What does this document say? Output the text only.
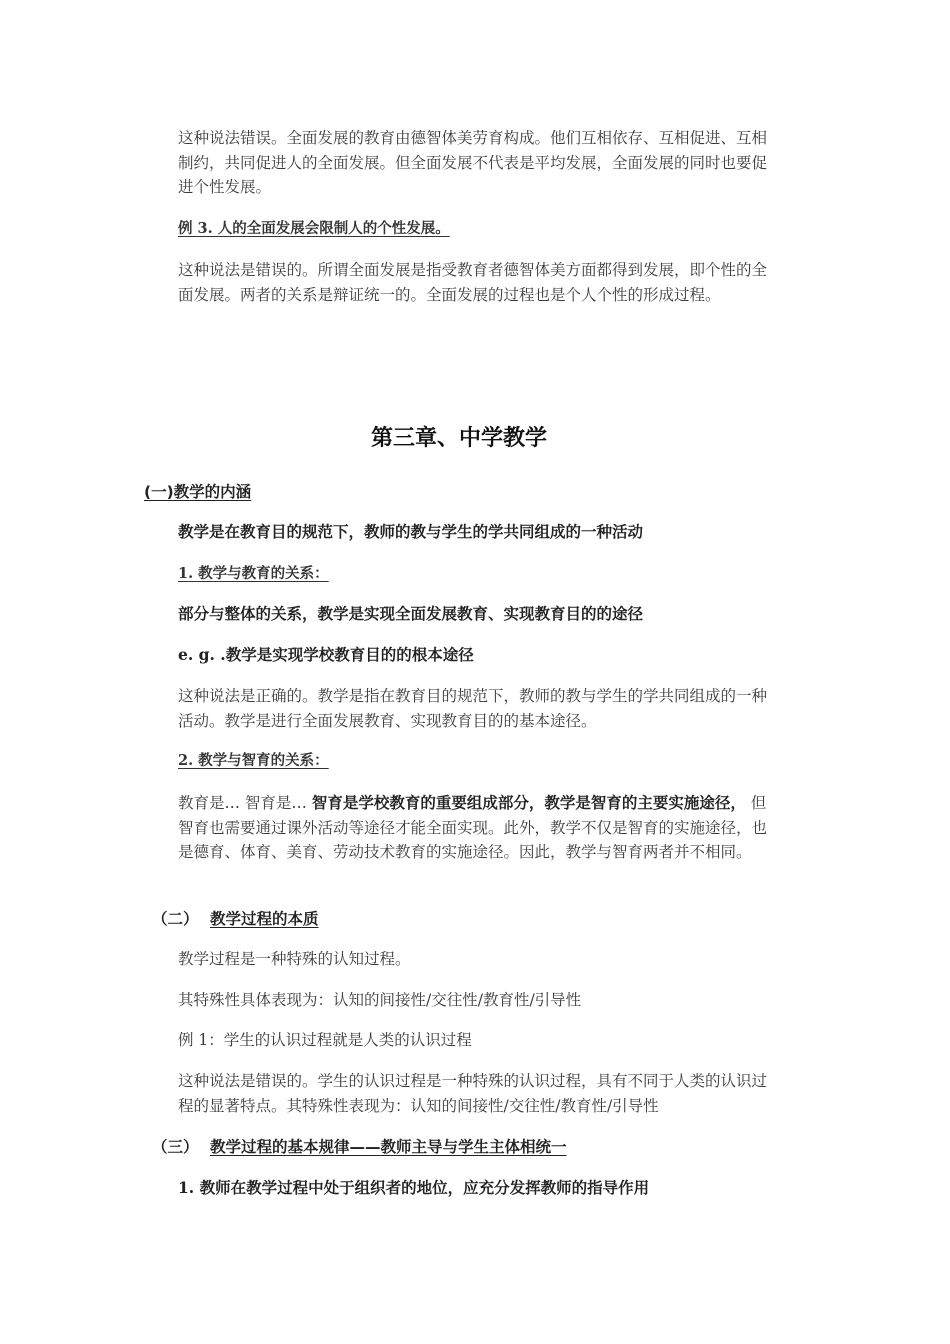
这种说法错误。全面发展的教育由德智体美劳育构成。他们互相依存、互相促进、互相制约，共同促进人的全面发展。但全面发展不代表是平均发展，全面发展的同时也要促进个性发展。

例 3. 人的全面发展会限制人的个性发展。

这种说法是错误的。所谓全面发展是指受教育者德智体美方面都得到发展，即个性的全面发展。两者的关系是辩证统一的。全面发展的过程也是个人个性的形成过程。

第三章、中学教学
(一)教学的内涵

教学是在教育目的规范下，教师的教与学生的学共同组成的一种活动

1. 教学与教育的关系：

部分与整体的关系，教学是实现全面发展教育、实现教育目的的途径

e. g. .教学是实现学校教育目的的根本途径

这种说法是正确的。教学是指在教育目的规范下，教师的教与学生的学共同组成的一种活动。教学是进行全面发展教育、实现教育目的的基本途径。

2. 教学与智育的关系：

教育是… 智育是… 智育是学校教育的重要组成部分，教学是智育的主要实施途径， 但智育也需要通过课外活动等途径才能全面实现。此外，教学不仅是智育的实施途径，也是德育、体育、美育、劳动技术教育的实施途径。因此，教学与智育两者并不相同。

（二） 教学过程的本质

教学过程是一种特殊的认知过程。

其特殊性具体表现为：认知的间接性/交往性/教育性/引导性

例 1：学生的认识过程就是人类的认识过程

这种说法是错误的。学生的认识过程是一种特殊的认识过程，具有不同于人类的认识过程的显著特点。其特殊性表现为：认知的间接性/交往性/教育性/引导性

（三） 教学过程的基本规律——教师主导与学生主体相统一

1. 教师在教学过程中处于组织者的地位，应充分发挥教师的指导作用
